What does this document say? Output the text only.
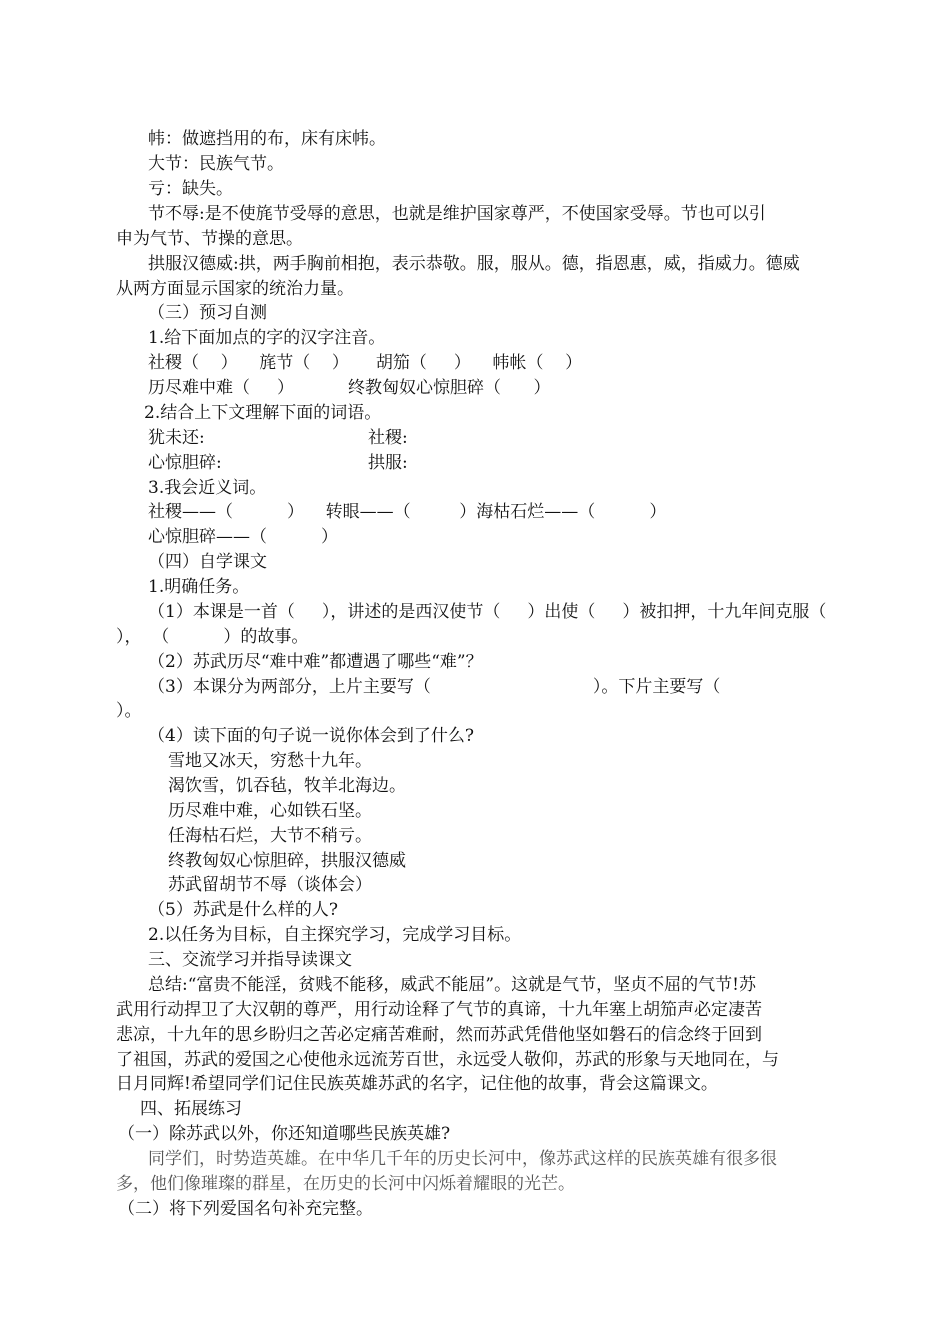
帏：做遮挡用的布，床有床帏。
大节：民族气节。
亏：缺失。
节不辱:是不使旄节受辱的意思，也就是维护国家尊严，不使国家受辱。节也可以引
申为气节、节操的意思。
拱服汉德威:拱，两手胸前相抱，表示恭敬。服，服从。德，指恩惠，威，指威力。德威
从两方面显示国家的统治力量。
（三）预习自测
1.给下面加点的字的汉字注音。
社稷（    ）    旄节（    ）     胡笳（     ）    帏帐（    ）
历尽难中难（     ）          终教匈奴心惊胆碎（      ）
2.结合上下文理解下面的词语。
犹未还:	社稷:
心惊胆碎:	拱服:
3.我会近义词。
社稷——（          ）    转眼——（         ）海枯石烂——（          ）
心惊胆碎——（          ）
（四）自学课文
1.明确任务。
（1）本课是一首（     ），讲述的是西汉使节（     ）出使（     ）被扣押，十九年间克服（
），  （          ）的故事。
（2）苏武历尽“难中难”都遭遇了哪些“难”？
（3）本课分为两部分，上片主要写（                              ）。下片主要写（
）。
（4）读下面的句子说一说你体会到了什么?
雪地又冰天，穷愁十九年。
渴饮雪，饥吞毡，牧羊北海边。
历尽难中难，心如铁石坚。
任海枯石烂，大节不稍亏。
终教匈奴心惊胆碎，拱服汉德威
苏武留胡节不辱（谈体会）
（5）苏武是什么样的人?
2.以任务为目标，自主探究学习，完成学习目标。
三、交流学习并指导读课文
总结:“富贵不能淫，贫贱不能移，威武不能屈”。这就是气节，坚贞不屈的气节!苏
武用行动捍卫了大汉朝的尊严，用行动诠释了气节的真谛，十九年塞上胡笳声必定凄苦
悲凉，十九年的思乡盼归之苦必定痛苦难耐，然而苏武凭借他坚如磐石的信念终于回到
了祖国，苏武的爱国之心使他永远流芳百世，永远受人敬仰，苏武的形象与天地同在，与
日月同辉!希望同学们记住民族英雄苏武的名字，记住他的故事，背会这篇课文。
四、拓展练习
（一）除苏武以外，你还知道哪些民族英雄?
同学们，时势造英雄。在中华几千年的历史长河中，像苏武这样的民族英雄有很多很
多，他们像璀璨的群星，在历史的长河中闪烁着耀眼的光芒。
（二）将下列爱国名句补充完整。
